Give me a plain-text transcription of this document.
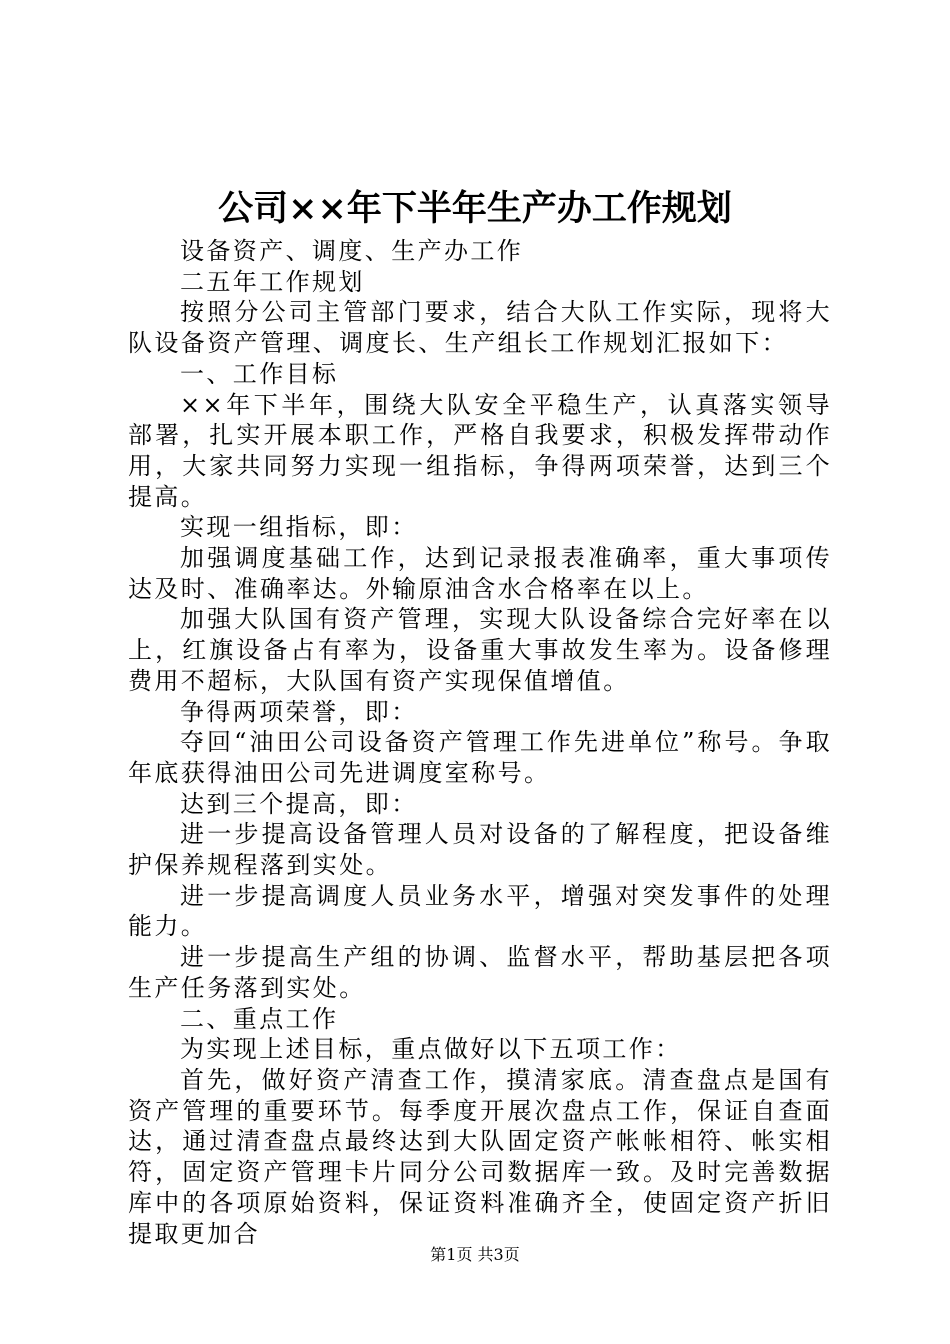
公司××年下半年生产办工作规划

设备资产、调度、生产办工作

二五年工作规划

按照分公司主管部门要求，结合大队工作实际，现将大队设备资产管理、调度长、生产组长工作规划汇报如下：

一、工作目标

××年下半年，围绕大队安全平稳生产，认真落实领导部署，扎实开展本职工作，严格自我要求，积极发挥带动作用，大家共同努力实现一组指标，争得两项荣誉，达到三个提高。

实现一组指标，即：

加强调度基础工作，达到记录报表准确率，重大事项传达及时、准确率达。外输原油含水合格率在以上。

加强大队国有资产管理，实现大队设备综合完好率在以上，红旗设备占有率为，设备重大事故发生率为。设备修理费用不超标，大队国有资产实现保值增值。

争得两项荣誉，即：

夺回“油田公司设备资产管理工作先进单位”称号。争取年底获得油田公司先进调度室称号。

达到三个提高，即：

进一步提高设备管理人员对设备的了解程度，把设备维护保养规程落到实处。

进一步提高调度人员业务水平，增强对突发事件的处理能力。

进一步提高生产组的协调、监督水平，帮助基层把各项生产任务落到实处。

二、重点工作

为实现上述目标，重点做好以下五项工作：

首先，做好资产清查工作，摸清家底。清查盘点是国有资产管理的重要环节。每季度开展次盘点工作，保证自查面达，通过清查盘点最终达到大队固定资产帐帐相符、帐实相符，固定资产管理卡片同分公司数据库一致。及时完善数据库中的各项原始资料，保证资料准确齐全，使固定资产折旧提取更加合

第1页 共3页
